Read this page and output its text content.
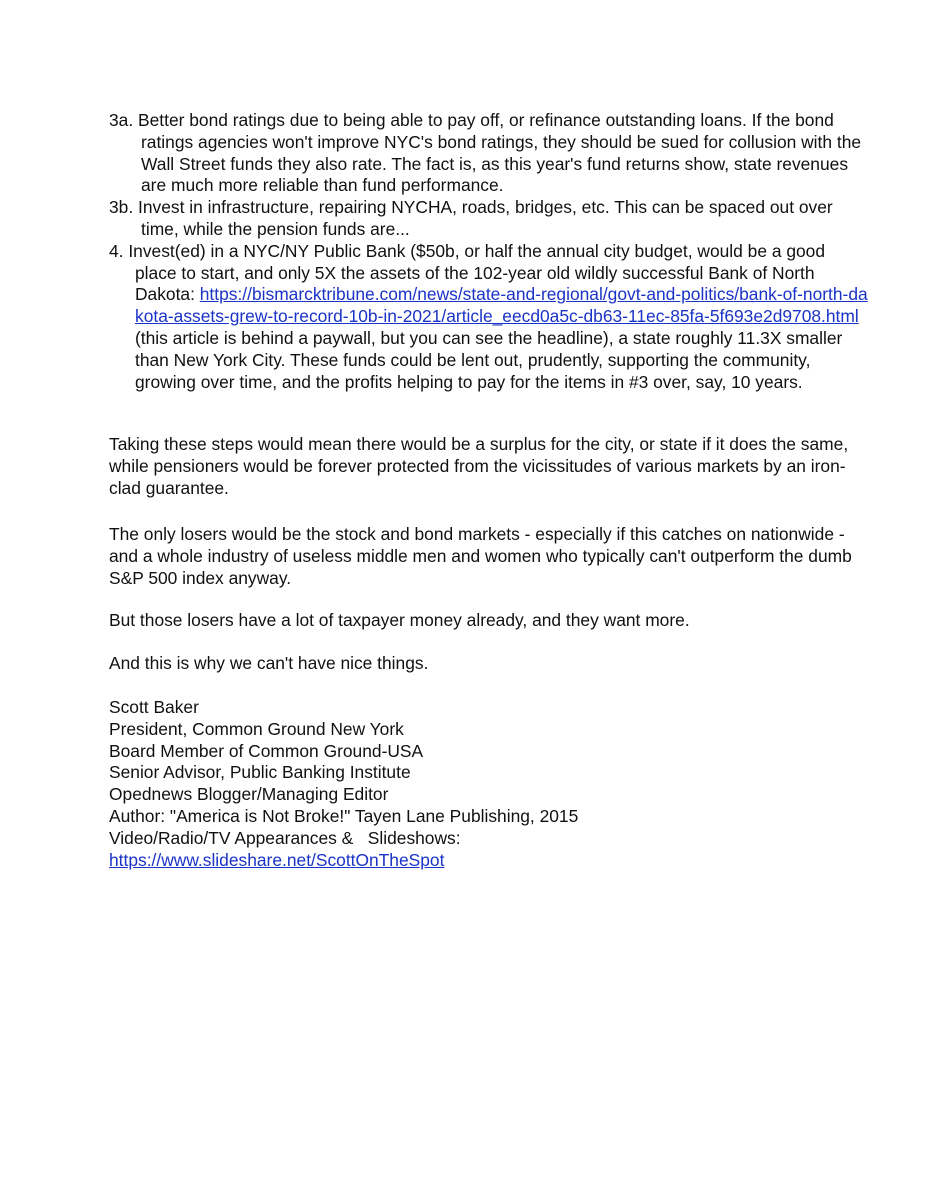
3a. Better bond ratings due to being able to pay off, or refinance outstanding loans. If the bond ratings agencies won't improve NYC's bond ratings, they should be sued for collusion with the Wall Street funds they also rate. The fact is, as this year's fund returns show, state revenues are much more reliable than fund performance.

3b. Invest in infrastructure, repairing NYCHA, roads, bridges, etc. This can be spaced out over time, while the pension funds are...

4. Invest(ed) in a NYC/NY Public Bank ($50b, or half the annual city budget, would be a good place to start, and only 5X the assets of the 102-year old wildly successful Bank of North Dakota: https://bismarcktribune.com/news/state-and-regional/govt-and-politics/bank-of-north-dakota-assets-grew-to-record-10b-in-2021/article_eecd0a5c-db63-11ec-85fa-5f693e2d9708.html (this article is behind a paywall, but you can see the headline), a state roughly 11.3X smaller than New York City. These funds could be lent out, prudently, supporting the community, growing over time, and the profits helping to pay for the items in #3 over, say, 10 years.

Taking these steps would mean there would be a surplus for the city, or state if it does the same, while pensioners would be forever protected from the vicissitudes of various markets by an iron-clad guarantee.

The only losers would be the stock and bond markets - especially if this catches on nationwide - and a whole industry of useless middle men and women who typically can't outperform the dumb S&P 500 index anyway.

But those losers have a lot of taxpayer money already, and they want more.

And this is why we can't have nice things.

Scott Baker
President, Common Ground New York
Board Member of Common Ground-USA
Senior Advisor, Public Banking Institute
Opednews Blogger/Managing Editor
Author: "America is Not Broke!" Tayen Lane Publishing, 2015
Video/Radio/TV Appearances &   Slideshows:
https://www.slideshare.net/ScottOnTheSpot
